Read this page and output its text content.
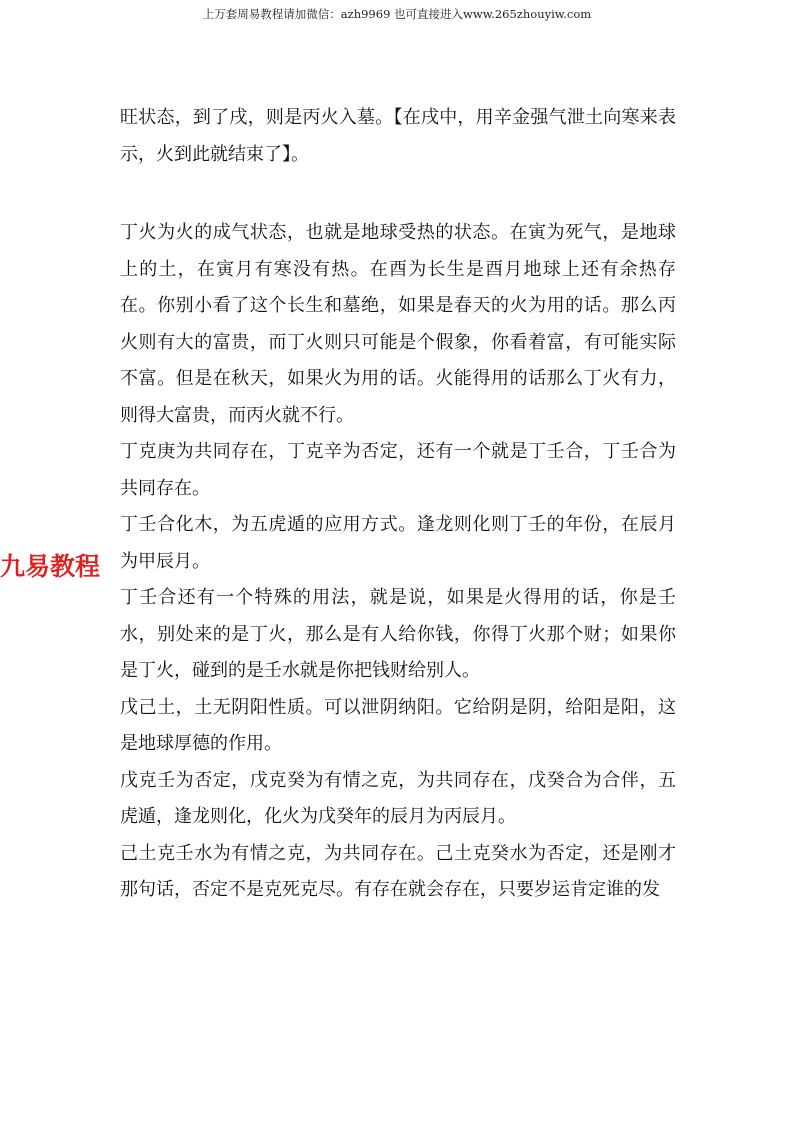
上万套周易教程请加微信：azh9969 也可直接进入www.265zhouyiw.com
九易教程

旺状态，到了戌，则是丙火入墓。【在戌中，用辛金强气泄土向寒来表示，火到此就结束了】。

丁火为火的成气状态，也就是地球受热的状态。在寅为死气，是地球上的土，在寅月有寒没有热。在酉为长生是酉月地球上还有余热存在。你别小看了这个长生和墓绝，如果是春天的火为用的话。那么丙火则有大的富贵，而丁火则只可能是个假象，你看着富，有可能实际不富。但是在秋天，如果火为用的话。火能得用的话那么丁火有力，则得大富贵，而丙火就不行。

丁克庚为共同存在，丁克辛为否定，还有一个就是丁壬合，丁壬合为共同存在。

丁壬合化木，为五虎遁的应用方式。逢龙则化则丁壬的年份，在辰月为甲辰月。

丁壬合还有一个特殊的用法，就是说，如果是火得用的话，你是壬水，别处来的是丁火，那么是有人给你钱，你得丁火那个财；如果你是丁火，碰到的是壬水就是你把钱财给别人。

戊己土，土无阴阳性质。可以泄阴纳阳。它给阴是阴，给阳是阳，这是地球厚德的作用。

戊克壬为否定，戊克癸为有情之克，为共同存在，戊癸合为合伴，五虎遁，逢龙则化，化火为戊癸年的辰月为丙辰月。

己土克壬水为有情之克，为共同存在。己土克癸水为否定，还是刚才那句话，否定不是克死克尽。有存在就会存在，只要岁运肯定谁的发
